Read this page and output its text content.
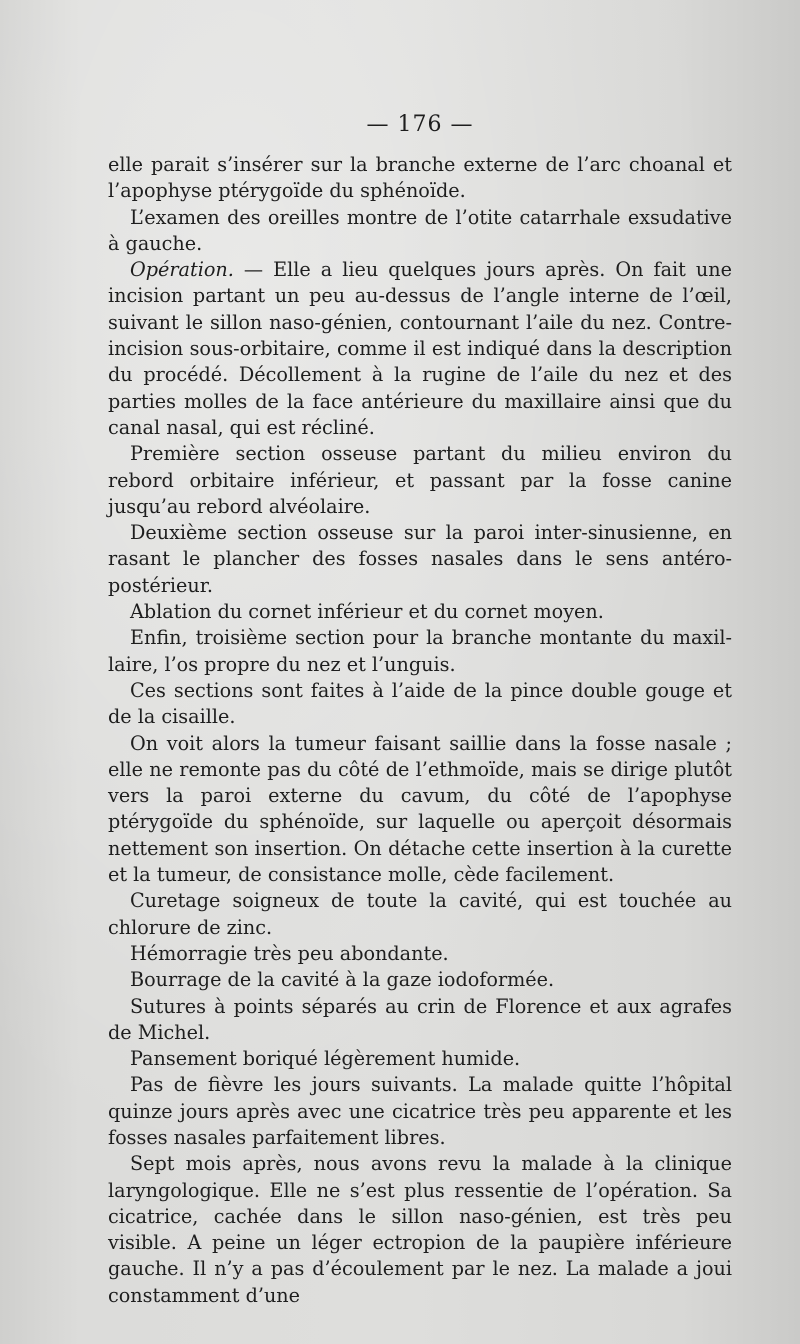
— 176 —

elle parait s’insérer sur la branche externe de l’arc choanal et l’apophyse ptérygoïde du sphénoïde.

L’examen des oreilles montre de l’otite catarrhale exsudative à gauche.

Opération. — Elle a lieu quelques jours après. On fait une incision partant un peu au-dessus de l’angle interne de l’œil, suivant le sillon naso-génien, contournant l’aile du nez. Contre-incision sous-orbitaire, comme il est indiqué dans la description du procédé. Décollement à la rugine de l’aile du nez et des parties molles de la face antérieure du maxillaire ainsi que du canal nasal, qui est récliné.

Première section osseuse partant du milieu environ du rebord orbitaire inférieur, et passant par la fosse canine jusqu’au rebord alvéolaire.

Deuxième section osseuse sur la paroi inter-sinusienne, en rasant le plancher des fosses nasales dans le sens antéro-postérieur.

Ablation du cornet inférieur et du cornet moyen.

Enfin, troisième section pour la branche montante du maxillaire, l’os propre du nez et l’unguis.

Ces sections sont faites à l’aide de la pince double gouge et de la cisaille.

On voit alors la tumeur faisant saillie dans la fosse nasale ; elle ne remonte pas du côté de l’ethmoïde, mais se dirige plutôt vers la paroi externe du cavum, du côté de l’apophyse ptérygoïde du sphénoïde, sur laquelle ou aperçoit désormais nettement son insertion. On détache cette insertion à la curette et la tumeur, de consistance molle, cède facilement.

Curetage soigneux de toute la cavité, qui est touchée au chlorure de zinc.

Hémorragie très peu abondante.

Bourrage de la cavité à la gaze iodoformée.

Sutures à points séparés au crin de Florence et aux agrafes de Michel.

Pansement boriqué légèrement humide.

Pas de fièvre les jours suivants. La malade quitte l’hôpital quinze jours après avec une cicatrice très peu apparente et les fosses nasales parfaitement libres.

Sept mois après, nous avons revu la malade à la clinique laryngologique. Elle ne s’est plus ressentie de l’opération. Sa cicatrice, cachée dans le sillon naso-génien, est très peu visible. A peine un léger ectropion de la paupière inférieure gauche. Il n’y a pas d’écoulement par le nez. La malade a joui constamment d’une
